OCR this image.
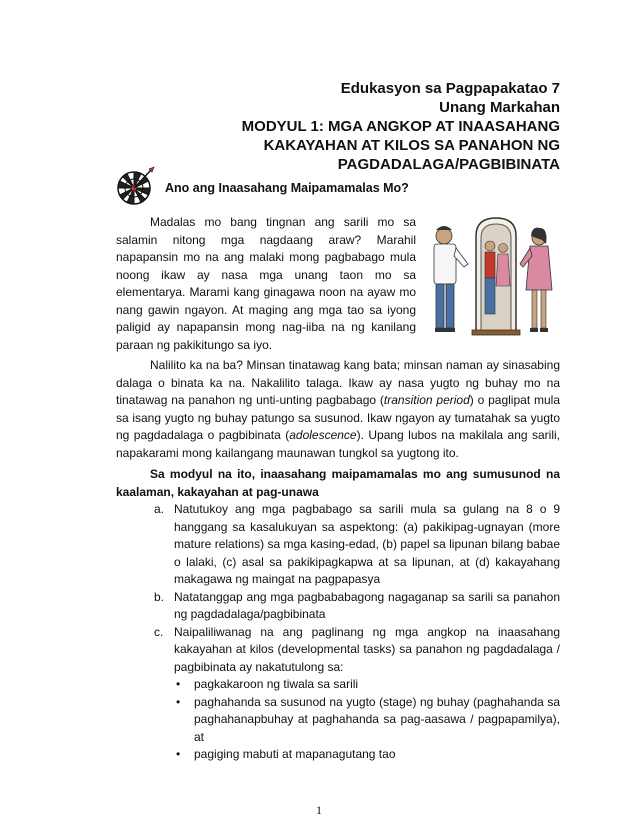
Edukasyon sa Pagpapakatao 7
Unang Markahan
MODYUL 1: MGA ANGKOP AT INAASAHANG
KAKAYAHAN AT KILOS SA PANAHON NG
PAGDADALAGA/PAGBIBINATA
Ano ang Inaasahang Maipamamalas Mo?
Madalas mo bang tingnan ang sarili mo sa salamin nitong mga nagdaang araw? Marahil napapansin mo na ang malaki mong pagbabago mula noong ikaw ay nasa mga unang taon mo sa elementarya. Marami kang ginagawa noon na ayaw mo nang gawin ngayon. At maging ang mga tao sa iyong paligid ay napapansin mong nag-iiba na ng kanilang paraan ng pakikitungo sa iyo.
Nalilito ka na ba? Minsan tinatawag kang bata; minsan naman ay sinasabing dalaga o binata ka na. Nakalilito talaga. Ikaw ay nasa yugto ng buhay mo na tinatawag na panahon ng unti-unting pagbabago (transition period) o paglipat mula sa isang yugto ng buhay patungo sa susunod. Ikaw ngayon ay tumatahak sa yugto ng pagdadalaga o pagbibinata (adolescence). Upang lubos na makilala ang sarili, napakarami mong kailangang maunawan tungkol sa yugtong ito.
Sa modyul na ito, inaasahang maipamamalas mo ang sumusunod na kaalaman, kakayahan at pag-unawa
a. Natutukoy ang mga pagbabago sa sarili mula sa gulang na 8 o 9 hanggang sa kasalukuyan sa aspektong: (a) pakikipag-ugnayan (more mature relations) sa mga kasing-edad, (b) papel sa lipunan bilang babae o lalaki, (c) asal sa pakikipagkapwa at sa lipunan, at (d) kakayahang makagawa ng maingat na pagpapasya
b. Natatanggap ang mga pagbababagong nagaganap sa sarili sa panahon ng pagdadalaga/pagbibinata
c. Naipaliliwanag na ang paglinang ng mga angkop na inaasahang kakayahan at kilos (developmental tasks) sa panahon ng pagdadalaga / pagbibinata ay nakatutulong sa:
• pagkakaroon ng tiwala sa sarili
• paghahanda sa susunod na yugto (stage) ng buhay (paghahanda sa paghahanapbuhay at paghahanda sa pag-aasawa / pagpapamilya), at
• pagiging mabuti at mapanagutang tao
1
